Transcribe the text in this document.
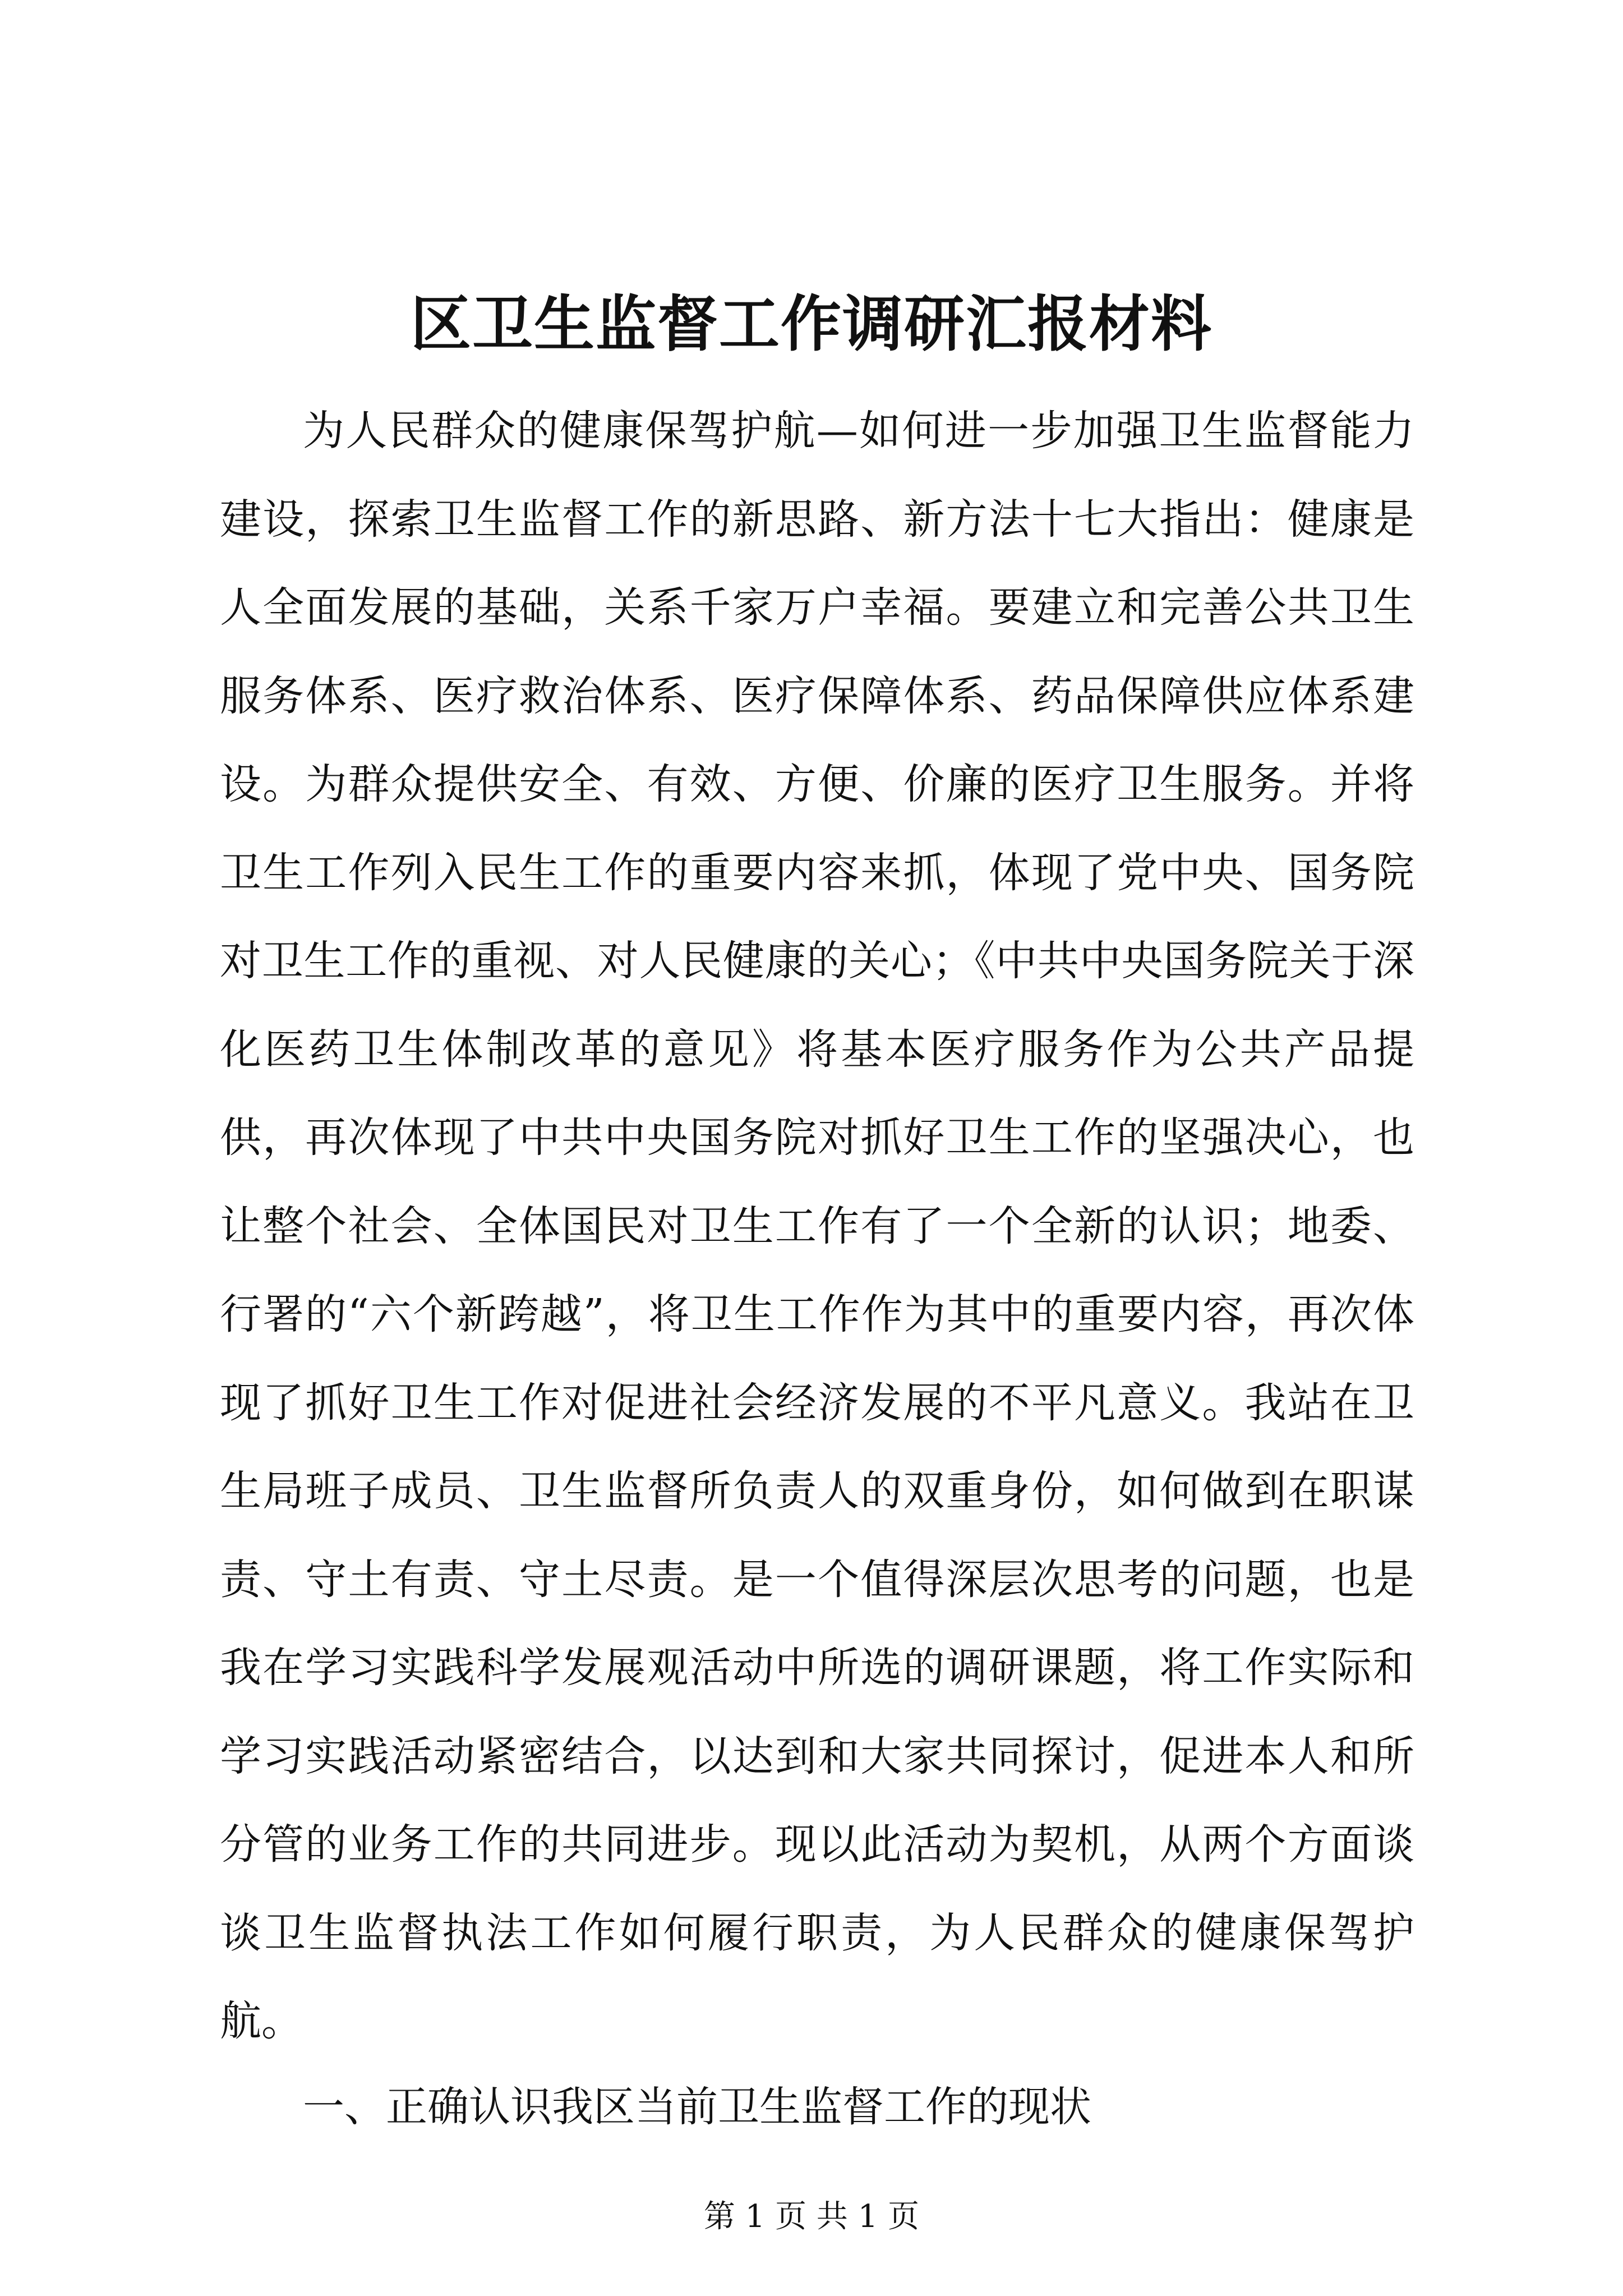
区卫生监督工作调研汇报材料

为人民群众的健康保驾护航—如何进一步加强卫生监督能力建设，探索卫生监督工作的新思路、新方法十七大指出：健康是人全面发展的基础，关系千家万户幸福。要建立和完善公共卫生服务体系、医疗救治体系、医疗保障体系、药品保障供应体系建设。为群众提供安全、有效、方便、价廉的医疗卫生服务。并将卫生工作列入民生工作的重要内容来抓，体现了党中央、国务院对卫生工作的重视、对人民健康的关心；《中共中央国务院关于深化医药卫生体制改革的意见》将基本医疗服务作为公共产品提供，再次体现了中共中央国务院对抓好卫生工作的坚强决心，也让整个社会、全体国民对卫生工作有了一个全新的认识；地委、行署的“六个新跨越”，将卫生工作作为其中的重要内容，再次体现了抓好卫生工作对促进社会经济发展的不平凡意义。我站在卫生局班子成员、卫生监督所负责人的双重身份，如何做到在职谋责、守土有责、守土尽责。是一个值得深层次思考的问题，也是我在学习实践科学发展观活动中所选的调研课题，将工作实际和学习实践活动紧密结合，以达到和大家共同探讨，促进本人和所分管的业务工作的共同进步。现以此活动为契机，从两个方面谈谈卫生监督执法工作如何履行职责，为人民群众的健康保驾护航。

一、正确认识我区当前卫生监督工作的现状

第 1 页 共 1 页
